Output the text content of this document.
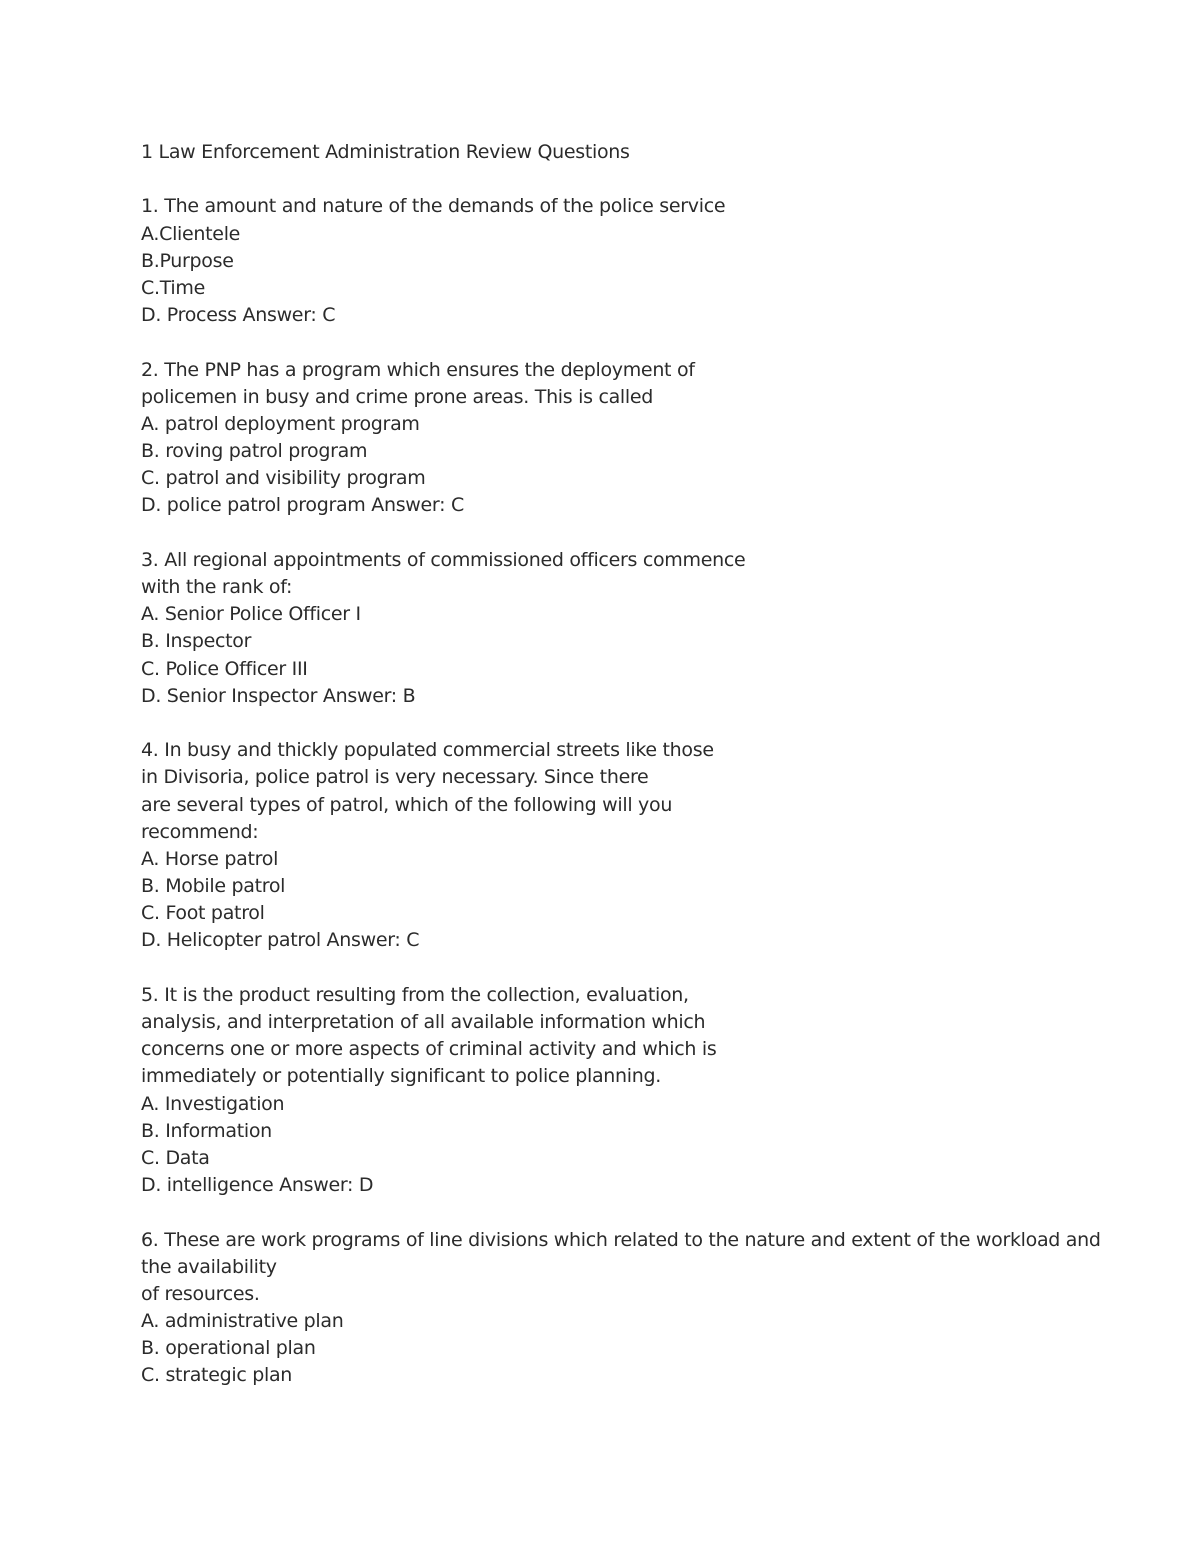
1 Law Enforcement Administration Review Questions
1. The amount and nature of the demands of the police service
A.Clientele
B.Purpose
C.Time
D. Process Answer: C
2. The PNP has a program which ensures the deployment of
policemen in busy and crime prone areas. This is called
A. patrol deployment program
B. roving patrol program
C. patrol and visibility program
D. police patrol program Answer: C
3. All regional appointments of commissioned officers commence
with the rank of:
A. Senior Police Officer I
B. Inspector
C. Police Officer III
D. Senior Inspector Answer: B
4. In busy and thickly populated commercial streets like those
in Divisoria, police patrol is very necessary. Since there
are several types of patrol, which of the following will you
recommend:
A. Horse patrol
B. Mobile patrol
C. Foot patrol
D. Helicopter patrol Answer: C
5. It is the product resulting from the collection, evaluation,
analysis, and interpretation of all available information which
concerns one or more aspects of criminal activity and which is
immediately or potentially significant to police planning.
A. Investigation
B. Information
C. Data
D. intelligence Answer: D
6. These are work programs of line divisions which related to the nature and extent of the workload and
the availability
of resources.
A. administrative plan
B. operational plan
C. strategic plan
